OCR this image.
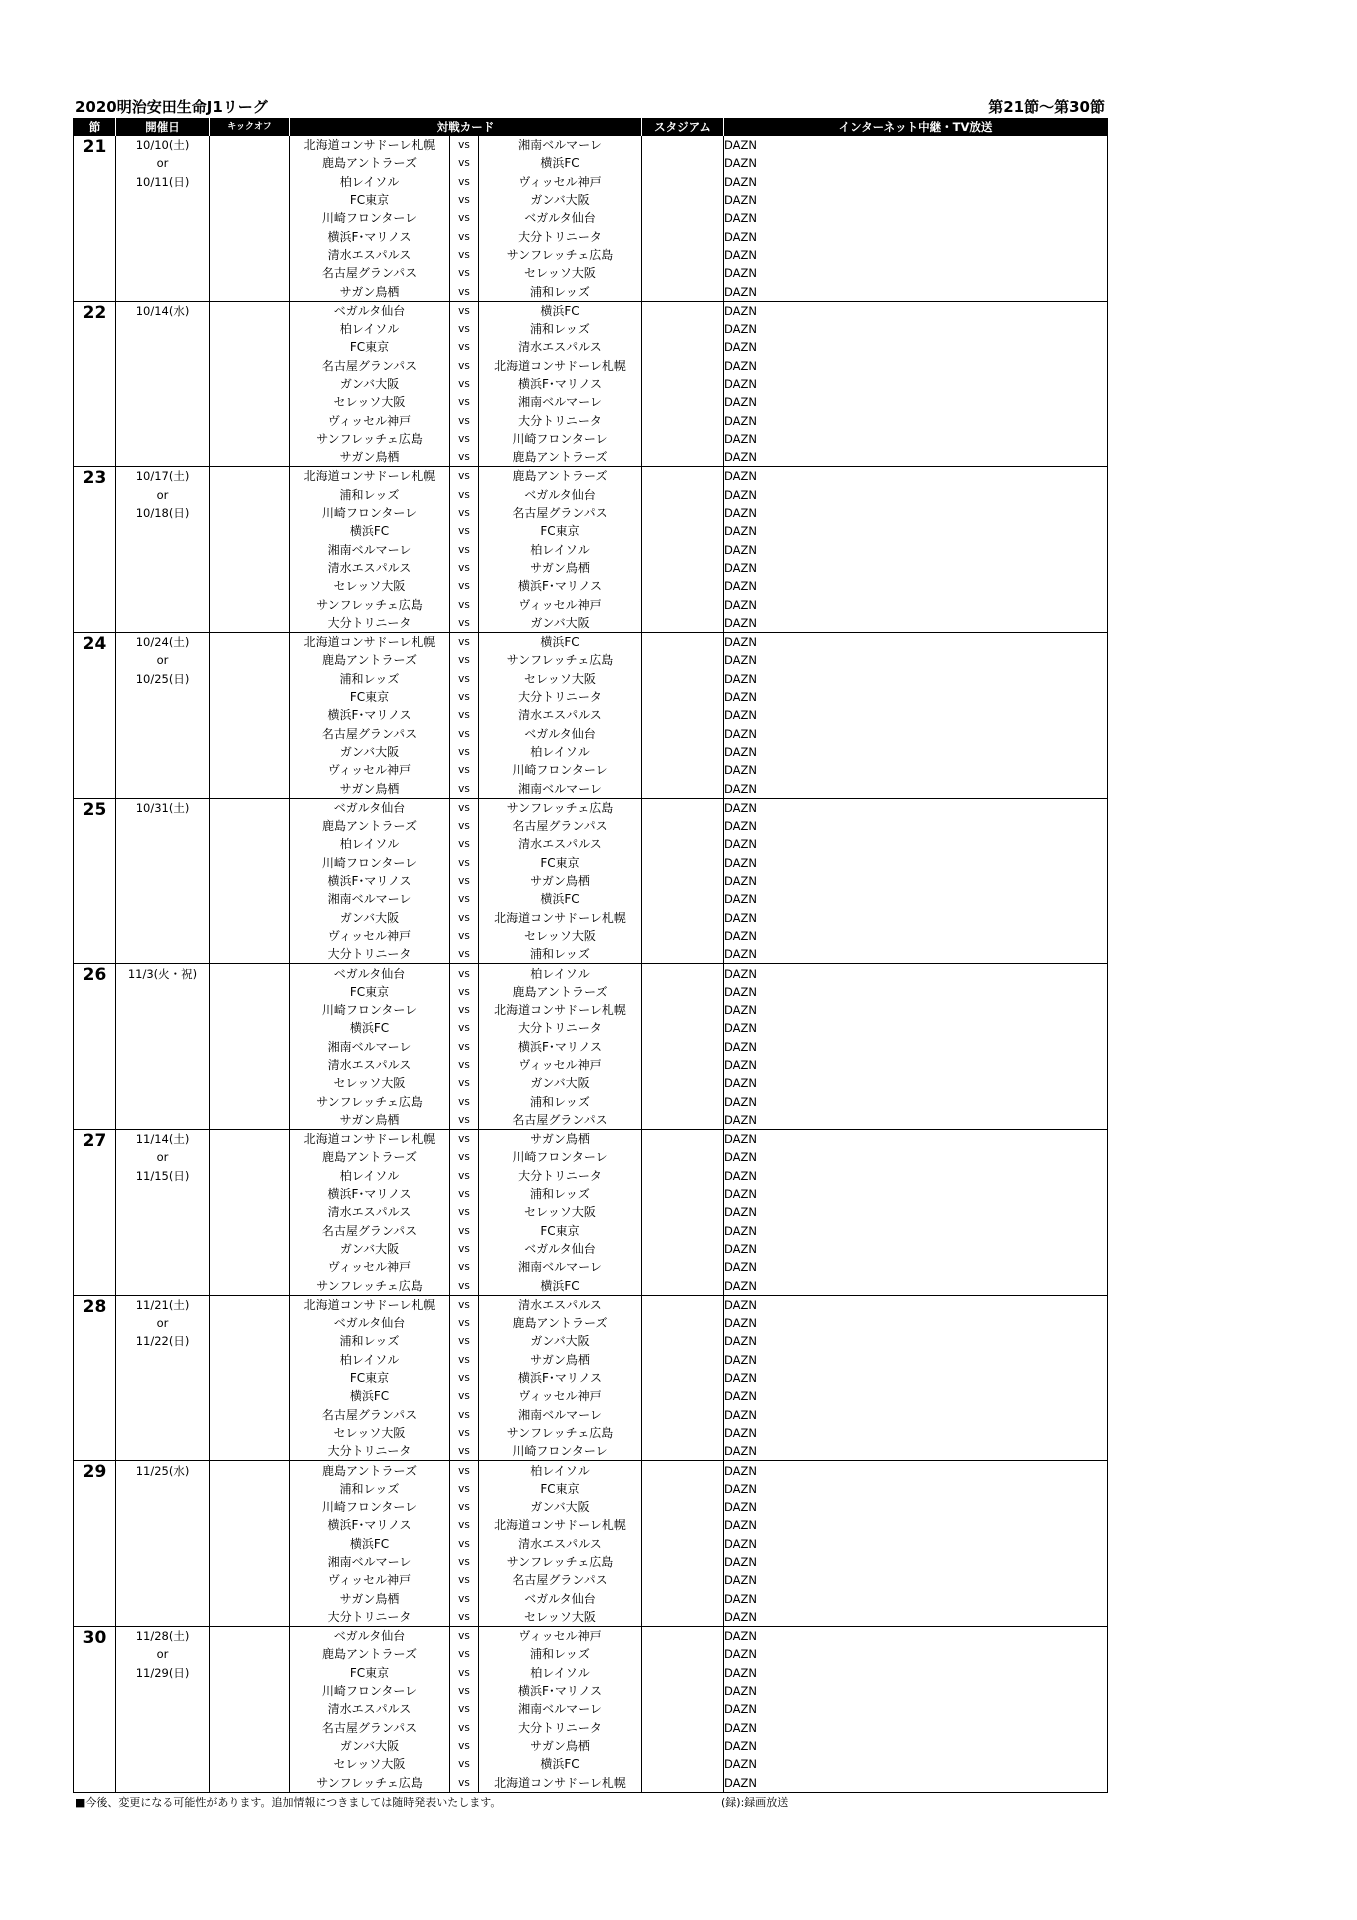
2020明治安田生命J1リーグ	第21節～第30節
節	開催日	キックオフ	対戦カード			スタジアム	インターネット中継・TV放送
21	10/10(土)		北海道コンサドーレ札幌	vs	湘南ベルマーレ		DAZN
	or		鹿島アントラーズ	vs	横浜FC		DAZN
	10/11(日)		柏レイソル	vs	ヴィッセル神戸		DAZN
			FC東京	vs	ガンバ大阪		DAZN
			川崎フロンターレ	vs	ベガルタ仙台		DAZN
			横浜F･マリノス	vs	大分トリニータ		DAZN
			清水エスパルス	vs	サンフレッチェ広島		DAZN
			名古屋グランパス	vs	セレッソ大阪		DAZN
			サガン鳥栖	vs	浦和レッズ		DAZN
22	10/14(水)		ベガルタ仙台	vs	横浜FC		DAZN
			柏レイソル	vs	浦和レッズ		DAZN
			FC東京	vs	清水エスパルス		DAZN
			名古屋グランパス	vs	北海道コンサドーレ札幌		DAZN
			ガンバ大阪	vs	横浜F･マリノス		DAZN
			セレッソ大阪	vs	湘南ベルマーレ		DAZN
			ヴィッセル神戸	vs	大分トリニータ		DAZN
			サンフレッチェ広島	vs	川崎フロンターレ		DAZN
			サガン鳥栖	vs	鹿島アントラーズ		DAZN
23	10/17(土)		北海道コンサドーレ札幌	vs	鹿島アントラーズ		DAZN
	or		浦和レッズ	vs	ベガルタ仙台		DAZN
	10/18(日)		川崎フロンターレ	vs	名古屋グランパス		DAZN
			横浜FC	vs	FC東京		DAZN
			湘南ベルマーレ	vs	柏レイソル		DAZN
			清水エスパルス	vs	サガン鳥栖		DAZN
			セレッソ大阪	vs	横浜F･マリノス		DAZN
			サンフレッチェ広島	vs	ヴィッセル神戸		DAZN
			大分トリニータ	vs	ガンバ大阪		DAZN
24	10/24(土)		北海道コンサドーレ札幌	vs	横浜FC		DAZN
	or		鹿島アントラーズ	vs	サンフレッチェ広島		DAZN
	10/25(日)		浦和レッズ	vs	セレッソ大阪		DAZN
			FC東京	vs	大分トリニータ		DAZN
			横浜F･マリノス	vs	清水エスパルス		DAZN
			名古屋グランパス	vs	ベガルタ仙台		DAZN
			ガンバ大阪	vs	柏レイソル		DAZN
			ヴィッセル神戸	vs	川崎フロンターレ		DAZN
			サガン鳥栖	vs	湘南ベルマーレ		DAZN
25	10/31(土)		ベガルタ仙台	vs	サンフレッチェ広島		DAZN
			鹿島アントラーズ	vs	名古屋グランパス		DAZN
			柏レイソル	vs	清水エスパルス		DAZN
			川崎フロンターレ	vs	FC東京		DAZN
			横浜F･マリノス	vs	サガン鳥栖		DAZN
			湘南ベルマーレ	vs	横浜FC		DAZN
			ガンバ大阪	vs	北海道コンサドーレ札幌		DAZN
			ヴィッセル神戸	vs	セレッソ大阪		DAZN
			大分トリニータ	vs	浦和レッズ		DAZN
26	11/3(火・祝)		ベガルタ仙台	vs	柏レイソル		DAZN
			FC東京	vs	鹿島アントラーズ		DAZN
			川崎フロンターレ	vs	北海道コンサドーレ札幌		DAZN
			横浜FC	vs	大分トリニータ		DAZN
			湘南ベルマーレ	vs	横浜F･マリノス		DAZN
			清水エスパルス	vs	ヴィッセル神戸		DAZN
			セレッソ大阪	vs	ガンバ大阪		DAZN
			サンフレッチェ広島	vs	浦和レッズ		DAZN
			サガン鳥栖	vs	名古屋グランパス		DAZN
27	11/14(土)		北海道コンサドーレ札幌	vs	サガン鳥栖		DAZN
	or		鹿島アントラーズ	vs	川崎フロンターレ		DAZN
	11/15(日)		柏レイソル	vs	大分トリニータ		DAZN
			横浜F･マリノス	vs	浦和レッズ		DAZN
			清水エスパルス	vs	セレッソ大阪		DAZN
			名古屋グランパス	vs	FC東京		DAZN
			ガンバ大阪	vs	ベガルタ仙台		DAZN
			ヴィッセル神戸	vs	湘南ベルマーレ		DAZN
			サンフレッチェ広島	vs	横浜FC		DAZN
28	11/21(土)		北海道コンサドーレ札幌	vs	清水エスパルス		DAZN
	or		ベガルタ仙台	vs	鹿島アントラーズ		DAZN
	11/22(日)		浦和レッズ	vs	ガンバ大阪		DAZN
			柏レイソル	vs	サガン鳥栖		DAZN
			FC東京	vs	横浜F･マリノス		DAZN
			横浜FC	vs	ヴィッセル神戸		DAZN
			名古屋グランパス	vs	湘南ベルマーレ		DAZN
			セレッソ大阪	vs	サンフレッチェ広島		DAZN
			大分トリニータ	vs	川崎フロンターレ		DAZN
29	11/25(水)		鹿島アントラーズ	vs	柏レイソル		DAZN
			浦和レッズ	vs	FC東京		DAZN
			川崎フロンターレ	vs	ガンバ大阪		DAZN
			横浜F･マリノス	vs	北海道コンサドーレ札幌		DAZN
			横浜FC	vs	清水エスパルス		DAZN
			湘南ベルマーレ	vs	サンフレッチェ広島		DAZN
			ヴィッセル神戸	vs	名古屋グランパス		DAZN
			サガン鳥栖	vs	ベガルタ仙台		DAZN
			大分トリニータ	vs	セレッソ大阪		DAZN
30	11/28(土)		ベガルタ仙台	vs	ヴィッセル神戸		DAZN
	or		鹿島アントラーズ	vs	浦和レッズ		DAZN
	11/29(日)		FC東京	vs	柏レイソル		DAZN
			川崎フロンターレ	vs	横浜F･マリノス		DAZN
			清水エスパルス	vs	湘南ベルマーレ		DAZN
			名古屋グランパス	vs	大分トリニータ		DAZN
			ガンバ大阪	vs	サガン鳥栖		DAZN
			セレッソ大阪	vs	横浜FC		DAZN
			サンフレッチェ広島	vs	北海道コンサドーレ札幌		DAZN
■今後、変更になる可能性があります。追加情報につきましては随時発表いたします。	(録):録画放送
